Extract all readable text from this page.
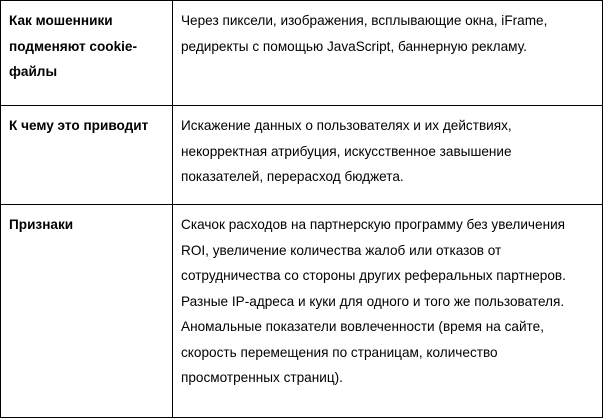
Как мошенники подменяют cookie-файлы	Через пиксели, изображения, всплывающие окна, iFrame, редиректы с помощью JavaScript, баннерную рекламу.
К чему это приводит	Искажение данных о пользователях и их действиях, некорректная атрибуция, искусственное завышение показателей, перерасход бюджета.
Признаки	Скачок расходов на партнерскую программу без увеличения ROI, увеличение количества жалоб или отказов от сотрудничества со стороны других реферальных партнеров. Разные IP-адреса и куки для одного и того же пользователя. Аномальные показатели вовлеченности (время на сайте, скорость перемещения по страницам, количество просмотренных страниц).
